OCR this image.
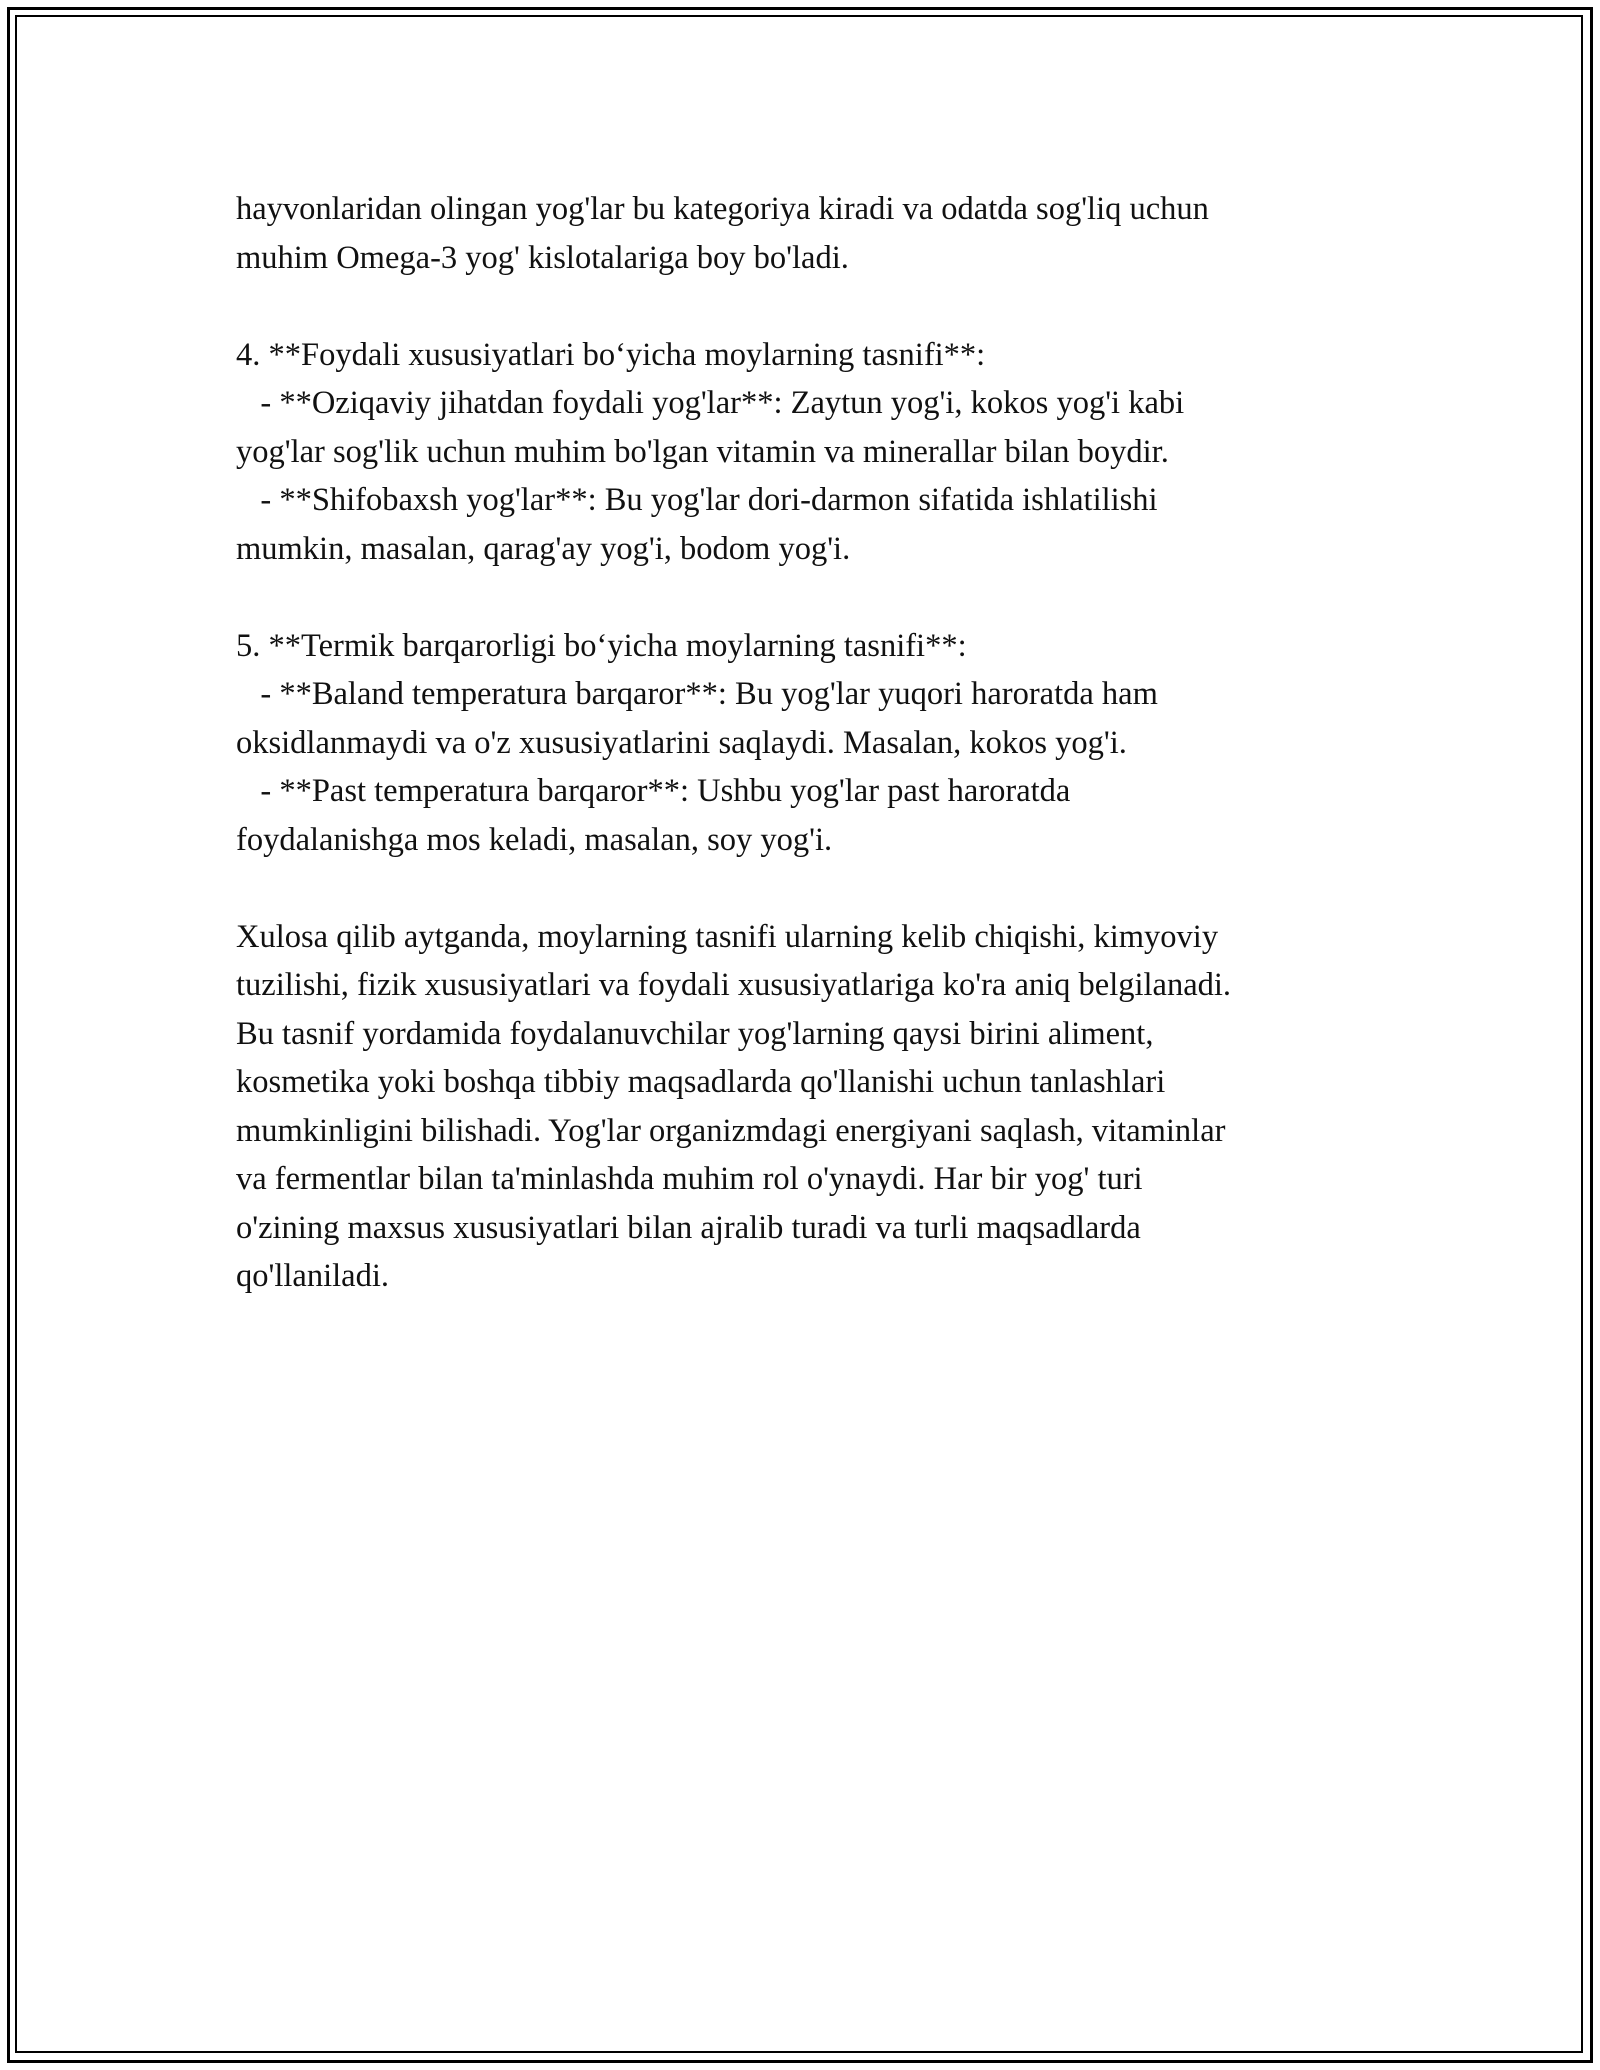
hayvonlaridan olingan yog'lar bu kategoriya kiradi va odatda sog'liq uchun
muhim Omega-3 yog' kislotalariga boy bo'ladi.

4. **Foydali xususiyatlari bo‘yicha moylarning tasnifi**:
- **Oziqaviy jihatdan foydali yog'lar**: Zaytun yog'i, kokos yog'i kabi
yog'lar sog'lik uchun muhim bo'lgan vitamin va minerallar bilan boydir.
- **Shifobaxsh yog'lar**: Bu yog'lar dori-darmon sifatida ishlatilishi
mumkin, masalan, qarag'ay yog'i, bodom yog'i.

5. **Termik barqarorligi bo‘yicha moylarning tasnifi**:
- **Baland temperatura barqaror**: Bu yog'lar yuqori haroratda ham
oksidlanmaydi va o'z xususiyatlarini saqlaydi. Masalan, kokos yog'i.
- **Past temperatura barqaror**: Ushbu yog'lar past haroratda
foydalanishga mos keladi, masalan, soy yog'i.

Xulosa qilib aytganda, moylarning tasnifi ularning kelib chiqishi, kimyoviy
tuzilishi, fizik xususiyatlari va foydali xususiyatlariga ko'ra aniq belgilanadi.
Bu tasnif yordamida foydalanuvchilar yog'larning qaysi birini aliment,
kosmetika yoki boshqa tibbiy maqsadlarda qo'llanishi uchun tanlashlari
mumkinligini bilishadi. Yog'lar organizmdagi energiyani saqlash, vitaminlar
va fermentlar bilan ta'minlashda muhim rol o'ynaydi. Har bir yog' turi
o'zining maxsus xususiyatlari bilan ajralib turadi va turli maqsadlarda
qo'llaniladi.
